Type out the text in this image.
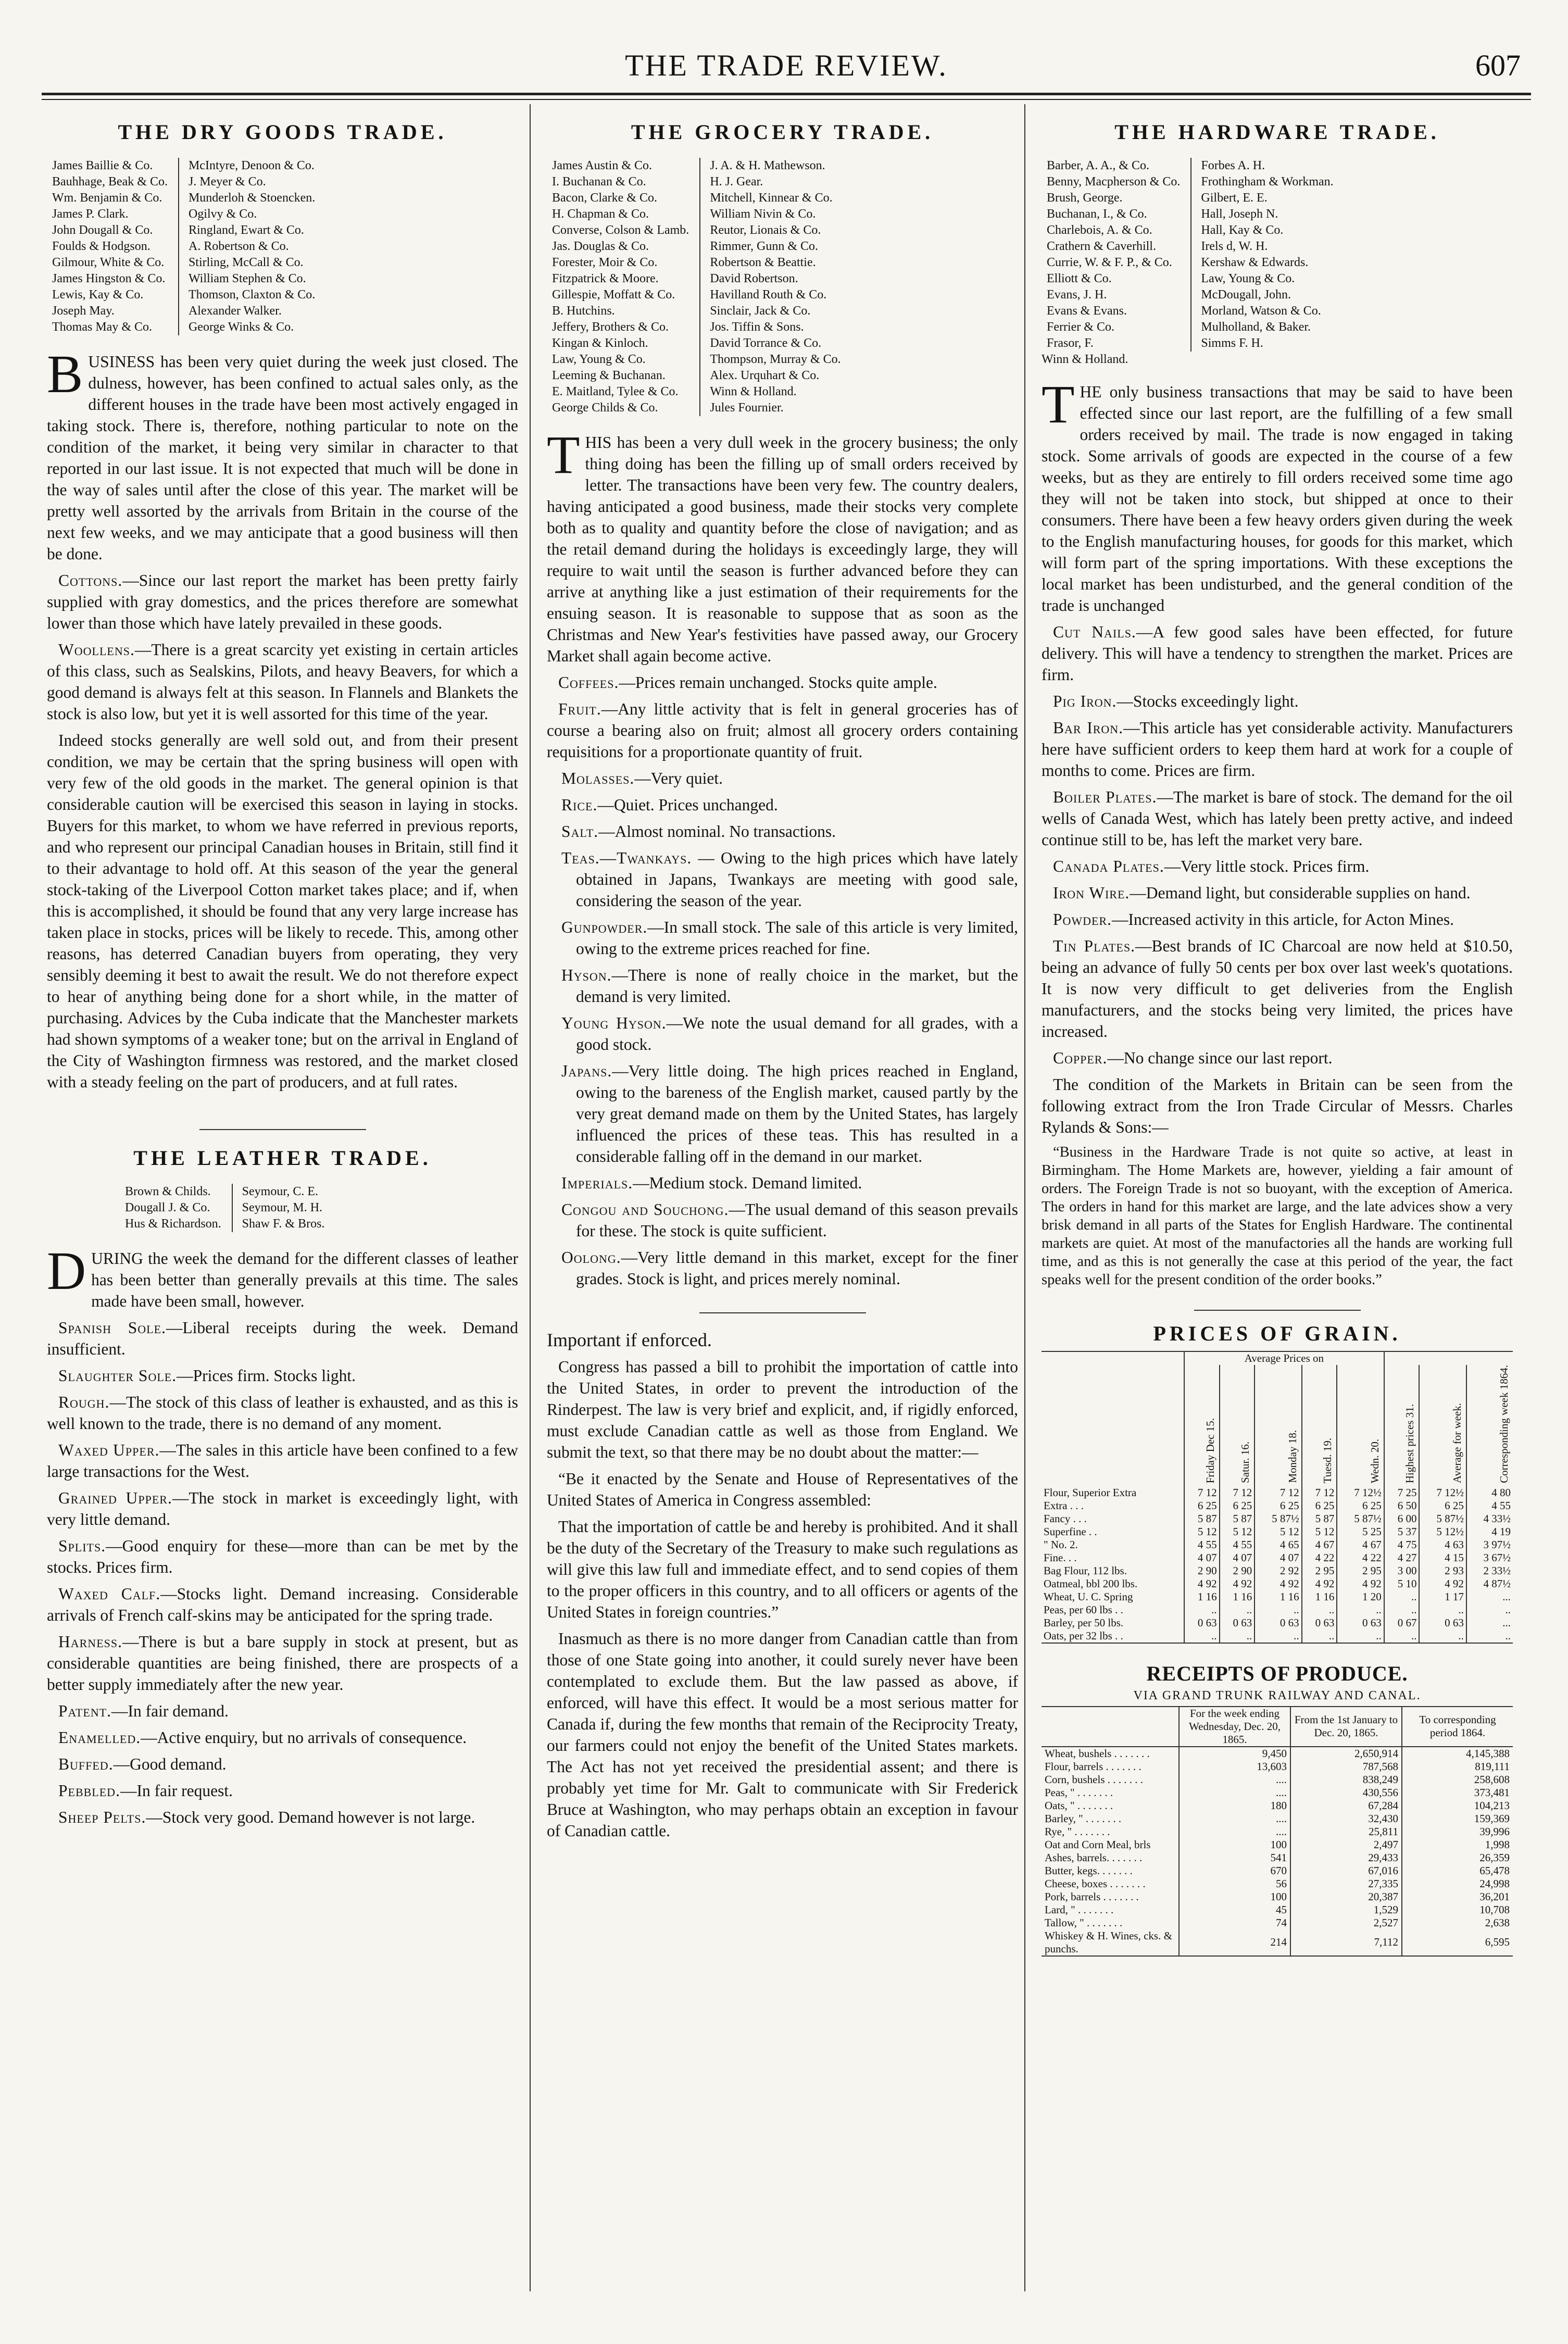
THE TRADE REVIEW.	607
THE DRY GOODS TRADE.
James Baillie & Co.
Bauhhage, Beak & Co.
Wm. Benjamin & Co.
James P. Clark.
John Dougall & Co.
Foulds & Hodgson.
Gilmour, White & Co.
James Hingston & Co.
Lewis, Kay & Co.
Joseph May.
Thomas May & Co.
McIntyre, Denoon & Co.
J. Meyer & Co.
Munderloh & Stoencken.
Ogilvy & Co.
Ringland, Ewart & Co.
A. Robertson & Co.
Stirling, McCall & Co.
William Stephen & Co.
Thomson, Claxton & Co.
Alexander Walker.
George Winks & Co.

BUSINESS has been very quiet during the week just closed. The dulness, however, has been confined to actual sales only, as the different houses in the trade have been most actively engaged in taking stock. There is, therefore, nothing particular to note on the condition of the market, it being very similar in character to that reported in our last issue. It is not expected that much will be done in the way of sales until after the close of this year. The market will be pretty well assorted by the arrivals from Britain in the course of the next few weeks, and we may anticipate that a good business will then be done.

Cottons.—Since our last report the market has been pretty fairly supplied with gray domestics, and the prices therefore are somewhat lower than those which have lately prevailed in these goods.

Woollens.—There is a great scarcity yet existing in certain articles of this class, such as Sealskins, Pilots, and heavy Beavers, for which a good demand is always felt at this season. In Flannels and Blankets the stock is also low, but yet it is well assorted for this time of the year.

Indeed stocks generally are well sold out, and from their present condition, we may be certain that the spring business will open with very few of the old goods in the market. The general opinion is that considerable caution will be exercised this season in laying in stocks. Buyers for this market, to whom we have referred in previous reports, and who represent our principal Canadian houses in Britain, still find it to their advantage to hold off. At this season of the year the general stock-taking of the Liverpool Cotton market takes place; and if, when this is accomplished, it should be found that any very large increase has taken place in stocks, prices will be likely to recede. This, among other reasons, has deterred Canadian buyers from operating, they very sensibly deeming it best to await the result. We do not therefore expect to hear of anything being done for a short while, in the matter of purchasing. Advices by the Cuba indicate that the Manchester markets had shown symptoms of a weaker tone; but on the arrival in England of the City of Washington firmness was restored, and the market closed with a steady feeling on the part of producers, and at full rates.

THE LEATHER TRADE.
Brown & Childs.
Dougall J. & Co.
Hus & Richardson.
Seymour, C. E.
Seymour, M. H.
Shaw F. & Bros.

DURING the week the demand for the different classes of leather has been better than generally prevails at this time. The sales made have been small, however.

Spanish Sole.—Liberal receipts during the week. Demand insufficient.

Slaughter Sole.—Prices firm. Stocks light.

Rough.—The stock of this class of leather is exhausted, and as this is well known to the trade, there is no demand of any moment.

Waxed Upper.—The sales in this article have been confined to a few large transactions for the West.

Grained Upper.—The stock in market is exceedingly light, with very little demand.

Splits.—Good enquiry for these—more than can be met by the stocks. Prices firm.

Waxed Calf.—Stocks light. Demand increasing. Considerable arrivals of French calf-skins may be anticipated for the spring trade.

Harness.—There is but a bare supply in stock at present, but as considerable quantities are being finished, there are prospects of a better supply immediately after the new year.

Patent.—In fair demand.

Enamelled.—Active enquiry, but no arrivals of consequence.

Buffed.—Good demand.

Pebbled.—In fair request.

Sheep Pelts.—Stock very good. Demand however is not large.

THE GROCERY TRADE.
James Austin & Co.
I. Buchanan & Co.
Bacon, Clarke & Co.
H. Chapman & Co.
Converse, Colson & Lamb.
Jas. Douglas & Co.
Forester, Moir & Co.
Fitzpatrick & Moore.
Gillespie, Moffatt & Co.
B. Hutchins.
Jeffery, Brothers & Co.
Kingan & Kinloch.
Law, Young & Co.
Leeming & Buchanan.
E. Maitland, Tylee & Co.
George Childs & Co.
J. A. & H. Mathewson.
H. J. Gear.
Mitchell, Kinnear & Co.
William Nivin & Co.
Reutor, Lionais & Co.
Rimmer, Gunn & Co.
Robertson & Beattie.
David Robertson.
Havilland Routh & Co.
Sinclair, Jack & Co.
Jos. Tiffin & Sons.
David Torrance & Co.
Thompson, Murray & Co.
Alex. Urquhart & Co.
Winn & Holland.
Jules Fournier.

THIS has been a very dull week in the grocery business; the only thing doing has been the filling up of small orders received by letter. The transactions have been very few. The country dealers, having anticipated a good business, made their stocks very complete both as to quality and quantity before the close of navigation; and as the retail demand during the holidays is exceedingly large, they will require to wait until the season is further advanced before they can arrive at anything like a just estimation of their requirements for the ensuing season. It is reasonable to suppose that as soon as the Christmas and New Year's festivities have passed away, our Grocery Market shall again become active.

Coffees.—Prices remain unchanged. Stocks quite ample.

Fruit.—Any little activity that is felt in general groceries has of course a bearing also on fruit; almost all grocery orders containing requisitions for a proportionate quantity of fruit.

Molasses.—Very quiet.

Rice.—Quiet. Prices unchanged.

Salt.—Almost nominal. No transactions.

Teas.—Twankays. — Owing to the high prices which have lately obtained in Japans, Twankays are meeting with good sale, considering the season of the year.

Gunpowder.—In small stock. The sale of this article is very limited, owing to the extreme prices reached for fine.

Hyson.—There is none of really choice in the market, but the demand is very limited.

Young Hyson.—We note the usual demand for all grades, with a good stock.

Japans.—Very little doing. The high prices reached in England, owing to the bareness of the English market, caused partly by the very great demand made on them by the United States, has largely influenced the prices of these teas. This has resulted in a considerable falling off in the demand in our market.

Imperials.—Medium stock. Demand limited.

Congou and Souchong.—The usual demand of this season prevails for these. The stock is quite sufficient.

Oolong.—Very little demand in this market, except for the finer grades. Stock is light, and prices merely nominal.

Important if enforced.

Congress has passed a bill to prohibit the importation of cattle into the United States, in order to prevent the introduction of the Rinderpest. The law is very brief and explicit, and, if rigidly enforced, must exclude Canadian cattle as well as those from England. We submit the text, so that there may be no doubt about the matter:—

“Be it enacted by the Senate and House of Representatives of the United States of America in Congress assembled:

That the importation of cattle be and hereby is prohibited. And it shall be the duty of the Secretary of the Treasury to make such regulations as will give this law full and immediate effect, and to send copies of them to the proper officers in this country, and to all officers or agents of the United States in foreign countries.”

Inasmuch as there is no more danger from Canadian cattle than from those of one State going into another, it could surely never have been contemplated to exclude them. But the law passed as above, if enforced, will have this effect. It would be a most serious matter for Canada if, during the few months that remain of the Reciprocity Treaty, our farmers could not enjoy the benefit of the United States markets. The Act has not yet received the presidential assent; and there is probably yet time for Mr. Galt to communicate with Sir Frederick Bruce at Washington, who may perhaps obtain an exception in favour of Canadian cattle.

THE HARDWARE TRADE.
Barber, A. A., & Co.
Benny, Macpherson & Co.
Brush, George.
Buchanan, I., & Co.
Charlebois, A. & Co.
Crathern & Caverhill.
Currie, W. & F. P., & Co.
Elliott & Co.
Evans, J. H.
Evans & Evans.
Ferrier & Co.
Frasor, F.
Forbes A. H.
Frothingham & Workman.
Gilbert, E. E.
Hall, Joseph N.
Hall, Kay & Co.
Irels d, W. H.
Kershaw & Edwards.
Law, Young & Co.
McDougall, John.
Morland, Watson & Co.
Mulholland, & Baker.
Simms F. H.
Winn & Holland.

THE only business transactions that may be said to have been effected since our last report, are the fulfilling of a few small orders received by mail. The trade is now engaged in taking stock. Some arrivals of goods are expected in the course of a few weeks, but as they are entirely to fill orders received some time ago they will not be taken into stock, but shipped at once to their consumers. There have been a few heavy orders given during the week to the English manufacturing houses, for goods for this market, which will form part of the spring importations. With these exceptions the local market has been undisturbed, and the general condition of the trade is unchanged

Cut Nails.—A few good sales have been effected, for future delivery. This will have a tendency to strengthen the market. Prices are firm.

Pig Iron.—Stocks exceedingly light.

Bar Iron.—This article has yet considerable activity. Manufacturers here have sufficient orders to keep them hard at work for a couple of months to come. Prices are firm.

Boiler Plates.—The market is bare of stock. The demand for the oil wells of Canada West, which has lately been pretty active, and indeed continue still to be, has left the market very bare.

Canada Plates.—Very little stock. Prices firm.

Iron Wire.—Demand light, but considerable supplies on hand.

Powder.—Increased activity in this article, for Acton Mines.

Tin Plates.—Best brands of IC Charcoal are now held at $10.50, being an advance of fully 50 cents per box over last week's quotations. It is now very difficult to get deliveries from the English manufacturers, and the stocks being very limited, the prices have increased.

Copper.—No change since our last report.

The condition of the Markets in Britain can be seen from the following extract from the Iron Trade Circular of Messrs. Charles Rylands & Sons:—

“Business in the Hardware Trade is not quite so active, at least in Birmingham. The Home Markets are, however, yielding a fair amount of orders. The Foreign Trade is not so buoyant, with the exception of America. The orders in hand for this market are large, and the late advices show a very brisk demand in all parts of the States for English Hardware. The continental markets are quiet. At most of the manufactories all the hands are working full time, and as this is not generally the case at this period of the year, the fact speaks well for the present condition of the order books.”

PRICES OF GRAIN.
	Average Prices on							
	Friday Dec 15.	Satur. 16.	Monday 18.	Tuesd. 19.	Wedn. 20.	Highest prices 31.	Average for week.	Corresponding week 1864.
Flour, Superior Extra	7 12	7 12	7 12	7 12	7 12½	7 25	7 12½	4 80
Extra . . .	6 25	6 25	6 25	6 25	6 25	6 50	6 25	4 55
Fancy . . .	5 87	5 87	5 87½	5 87	5 87½	6 00	5 87½	4 33½
Superfine . .	5 12	5 12	5 12	5 12	5 25	5 37	5 12½	4 19
" No. 2.	4 55	4 55	4 65	4 67	4 67	4 75	4 63	3 97½
Fine. . .	4 07	4 07	4 07	4 22	4 22	4 27	4 15	3 67½
Bag Flour, 112 lbs.	2 90	2 90	2 92	2 95	2 95	3 00	2 93	2 33½
Oatmeal, bbl 200 lbs.	4 92	4 92	4 92	4 92	4 92	5 10	4 92	4 87½
Wheat, U. C. Spring	1 16	1 16	1 16	1 16	1 20	..	1 17	...
Peas, per 60 lbs . .	..	..	..	..	..	..	..	..
Barley, per 50 lbs.	0 63	0 63	0 63	0 63	0 63	0 67	0 63	...
Oats, per 32 lbs . .	..	..	..	..	..	..	..	..
RECEIPTS OF PRODUCE.
VIA GRAND TRUNK RAILWAY AND CANAL.
	For the week ending Wednesday, Dec. 20, 1865.	From the 1st January to Dec. 20, 1865.	To corresponding period 1864.
Wheat, bushels . . . . . . .	9,450	2,650,914	4,145,388
Flour, barrels . . . . . . .	13,603	787,568	819,111
Corn, bushels . . . . . . .	....	838,249	258,608
Peas, " . . . . . . .	....	430,556	373,481
Oats, " . . . . . . .	180	67,284	104,213
Barley, " . . . . . . .	....	32,430	159,369
Rye, " . . . . . . .	....	25,811	39,996
Oat and Corn Meal, brls	100	2,497	1,998
Ashes, barrels. . . . . . .	541	29,433	26,359
Butter, kegs. . . . . . .	670	67,016	65,478
Cheese, boxes . . . . . . .	56	27,335	24,998
Pork, barrels . . . . . . .	100	20,387	36,201
Lard, " . . . . . . .	45	1,529	10,708
Tallow, " . . . . . . .	74	2,527	2,638
Whiskey & H. Wines, cks. & punchs.	214	7,112	6,595
